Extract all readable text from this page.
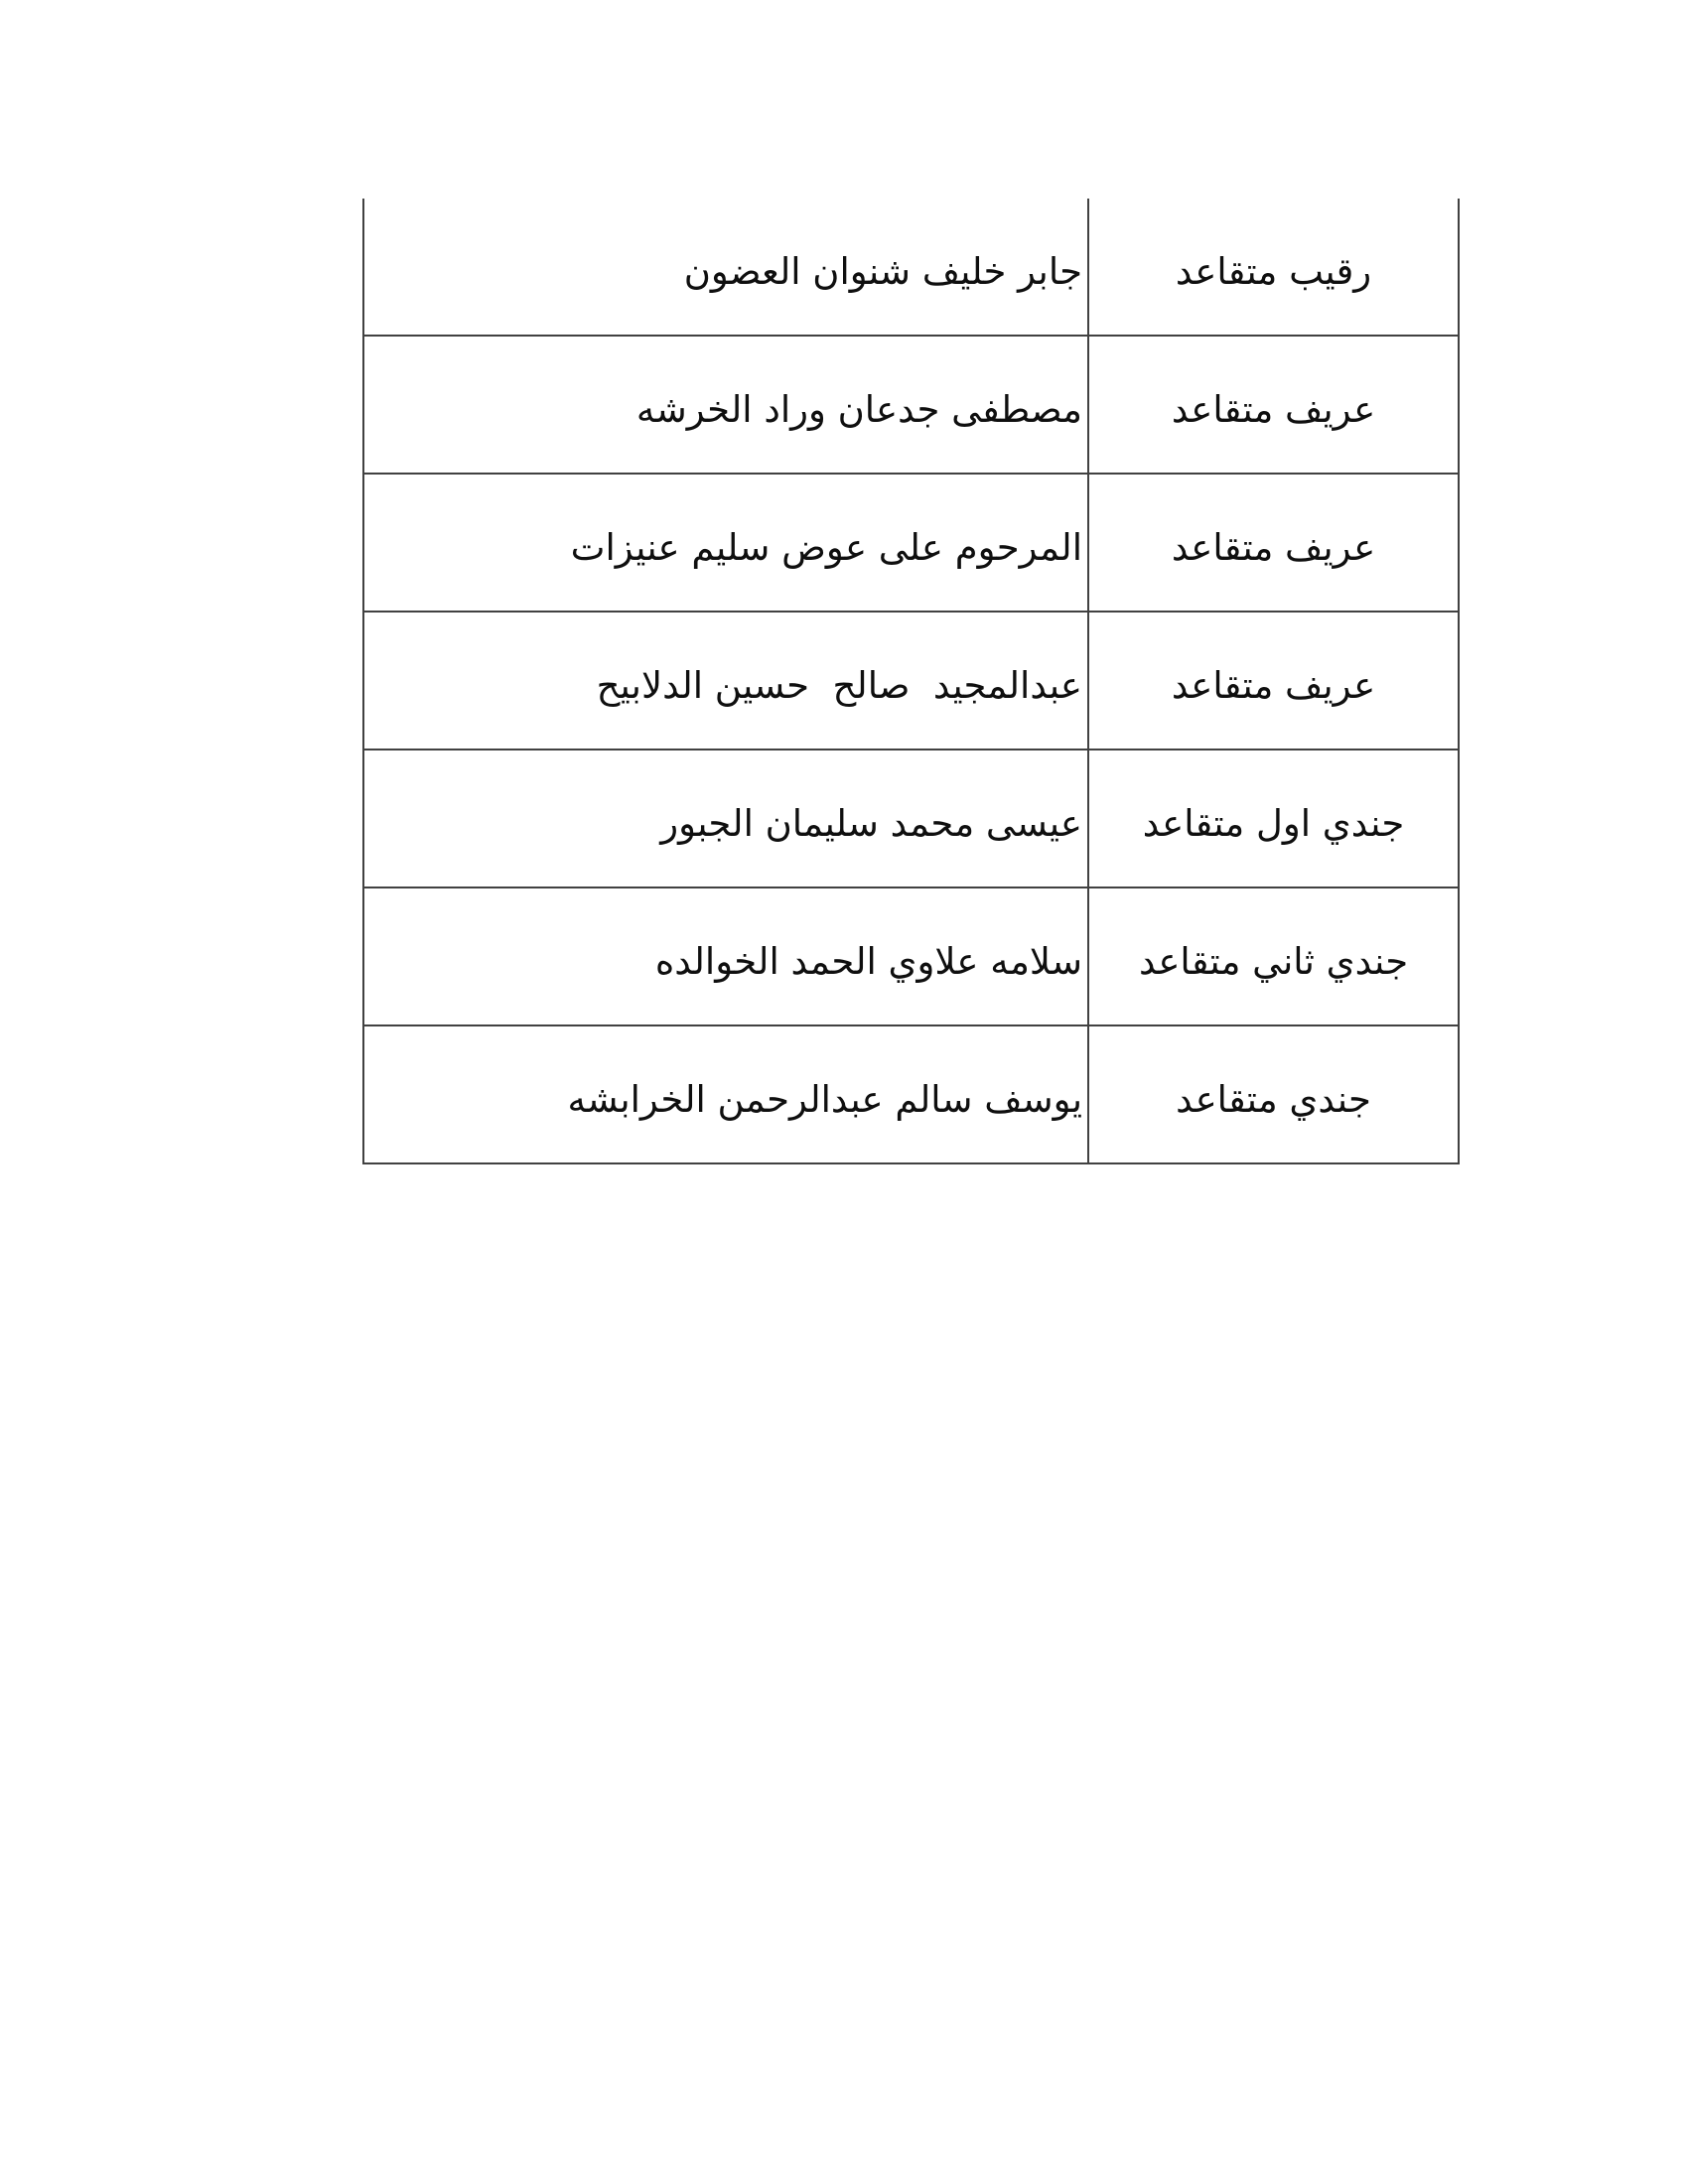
رقيب متقاعد	جابر خليف شنوان العضون
عريف متقاعد	مصطفى جدعان وراد الخرشه
عريف متقاعد	المرحوم على عوض سليم عنيزات
عريف متقاعد	عبدالمجيد  صالح  حسين الدلابيح
جندي اول متقاعد	عيسى محمد سليمان الجبور
جندي ثاني متقاعد	سلامه علاوي الحمد الخوالده
جندي متقاعد	يوسف سالم عبدالرحمن الخرابشه
